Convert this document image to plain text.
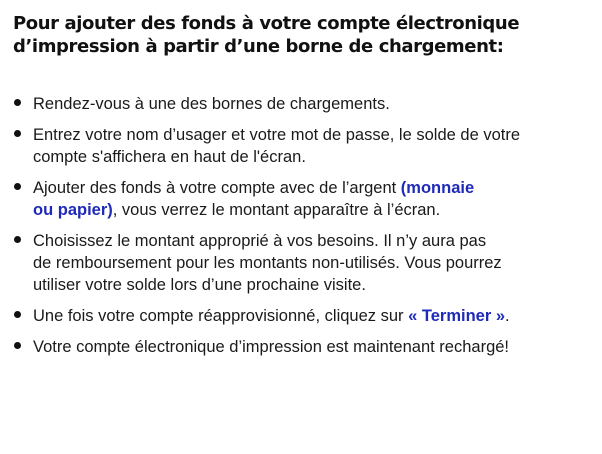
Pour ajouter des fonds à votre compte électronique
d’impression à partir d’une borne de chargement:
Rendez-vous à une des bornes de chargements.
Entrez votre nom d’usager et votre mot de passe, le solde de votre
compte s'affichera en haut de l'écran.
Ajouter des fonds à votre compte avec de l’argent (monnaie
ou papier), vous verrez le montant apparaître à l’écran.
Choisissez le montant approprié à vos besoins. Il n’y aura pas
de remboursement pour les montants non-utilisés. Vous pourrez
utiliser votre solde lors d’une prochaine visite.
Une fois votre compte réapprovisionné, cliquez sur « Terminer ».
Votre compte électronique d’impression est maintenant rechargé!
